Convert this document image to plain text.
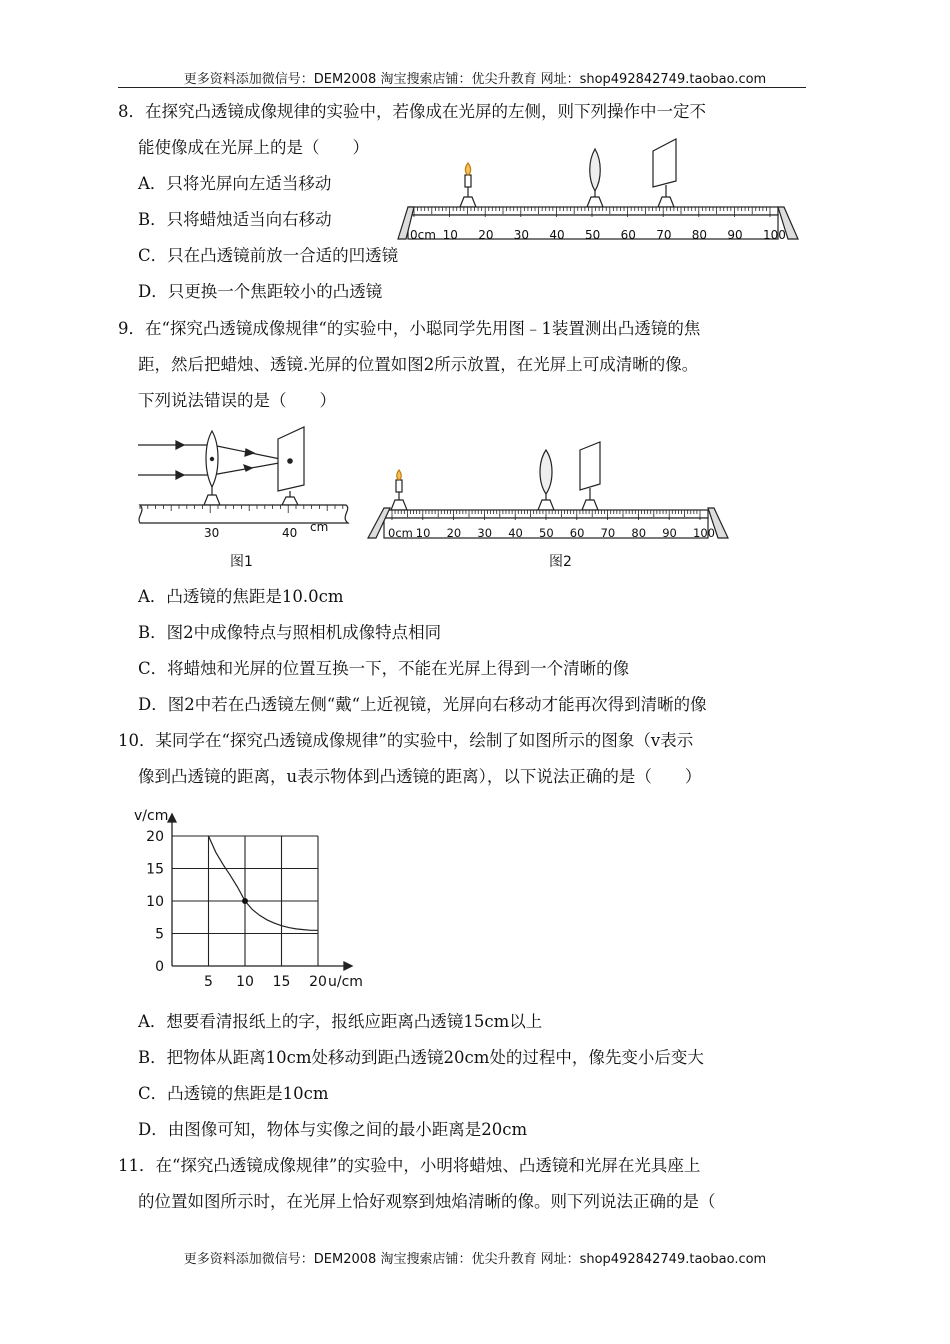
更多资料添加微信号：DEM2008 淘宝搜索店铺：优尖升教育 网址：shop492842749.taobao.com
8．在探究凸透镜成像规律的实验中，若像成在光屏的左侧，则下列操作中一定不
能使像成在光屏上的是（　　）
A．只将光屏向左适当移动
B．只将蜡烛适当向右移动
C．只在凸透镜前放一合适的凹透镜
D．只更换一个焦距较小的凸透镜
0cm 10 20 30 40 50 60 70 80 90 100
9．在“探究凸透镜成像规律“的实验中，小聪同学先用图﹣1装置测出凸透镜的焦
距，然后把蜡烛、透镜.光屏的位置如图2所示放置，在光屏上可成清晰的像。
下列说法错误的是（　　）
30	40 cm	0cm 10 20 30 40 50 60 70 80 90 100
图1	图2
A．凸透镜的焦距是10.0cm
B．图2中成像特点与照相机成像特点相同
C．将蜡烛和光屏的位置互换一下，不能在光屏上得到一个清晰的像
D．图2中若在凸透镜左侧“戴“上近视镜，光屏向右移动才能再次得到清晰的像
10．某同学在“探究凸透镜成像规律”的实验中，绘制了如图所示的图象（v表示
像到凸透镜的距离，u表示物体到凸透镜的距离），以下说法正确的是（　　）
0
5
10
15
20
5 10 15 20 u/cm
v/cm
A．想要看清报纸上的字，报纸应距离凸透镜15cm以上
B．把物体从距离10cm处移动到距凸透镜20cm处的过程中，像先变小后变大
C．凸透镜的焦距是10cm
D．由图像可知，物体与实像之间的最小距离是20cm
11．在“探究凸透镜成像规律”的实验中，小明将蜡烛、凸透镜和光屏在光具座上
的位置如图所示时，在光屏上恰好观察到烛焰清晰的像。则下列说法正确的是（
更多资料添加微信号：DEM2008 淘宝搜索店铺：优尖升教育 网址：shop492842749.taobao.com
